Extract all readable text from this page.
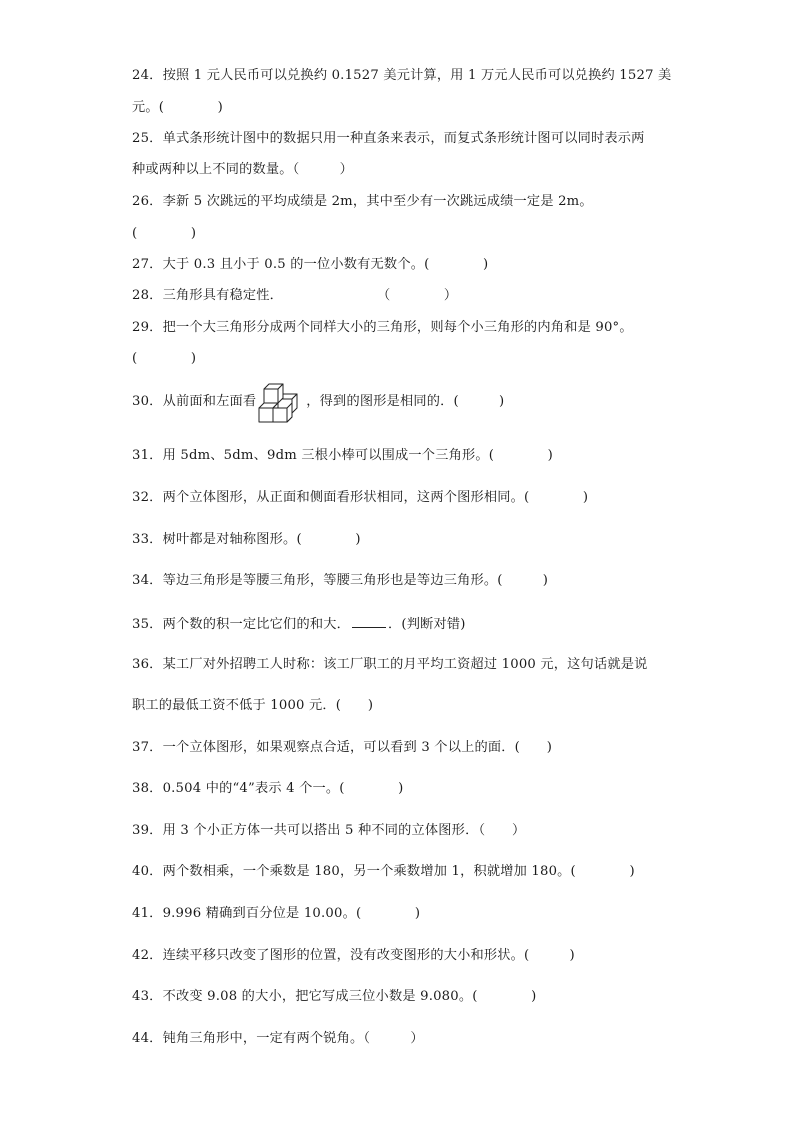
24．按照 1 元人民币可以兑换约 0.1527 美元计算，用 1 万元人民币可以兑换约 1527 美
元。(　　　　)
25．单式条形统计图中的数据只用一种直条来表示，而复式条形统计图可以同时表示两
种或两种以上不同的数量。（　　　）
26．李新 5 次跳远的平均成绩是 2m，其中至少有一次跳远成绩一定是 2m。
(　　　　)
27．大于 0.3 且小于 0.5 的一位小数有无数个。(　　　　)
28．三角形具有稳定性．　　　　　　　　（　　　　）
29．把一个大三角形分成两个同样大小的三角形，则每个小三角形的内角和是 90°。
(　　　　)
30．从前面和左面看	，得到的图形是相同的．(　　　)
31．用 5dm、5dm、9dm 三根小棒可以围成一个三角形。(　　　　)
32．两个立体图形，从正面和侧面看形状相同，这两个图形相同。(　　　　)
33．树叶都是对轴称图形。(　　　　)
34．等边三角形是等腰三角形，等腰三角形也是等边三角形。(　　　)
35．两个数的积一定比它们的和大．	．(判断对错)
36．某工厂对外招聘工人时称：该工厂职工的月平均工资超过 1000 元，这句话就是说
职工的最低工资不低于 1000 元．(　　)
37．一个立体图形，如果观察点合适，可以看到 3 个以上的面．(　　)
38．0.504 中的“4”表示 4 个一。(　　　　)
39．用 3 个小正方体一共可以搭出 5 种不同的立体图形．（　　）
40．两个数相乘，一个乘数是 180，另一个乘数增加 1，积就增加 180。(　　　　)
41．9.996 精确到百分位是 10.00。(　　　　)
42．连续平移只改变了图形的位置，没有改变图形的大小和形状。(　　　)
43．不改变 9.08 的大小，把它写成三位小数是 9.080。(　　　　)
44．钝角三角形中，一定有两个锐角。（　　　）
